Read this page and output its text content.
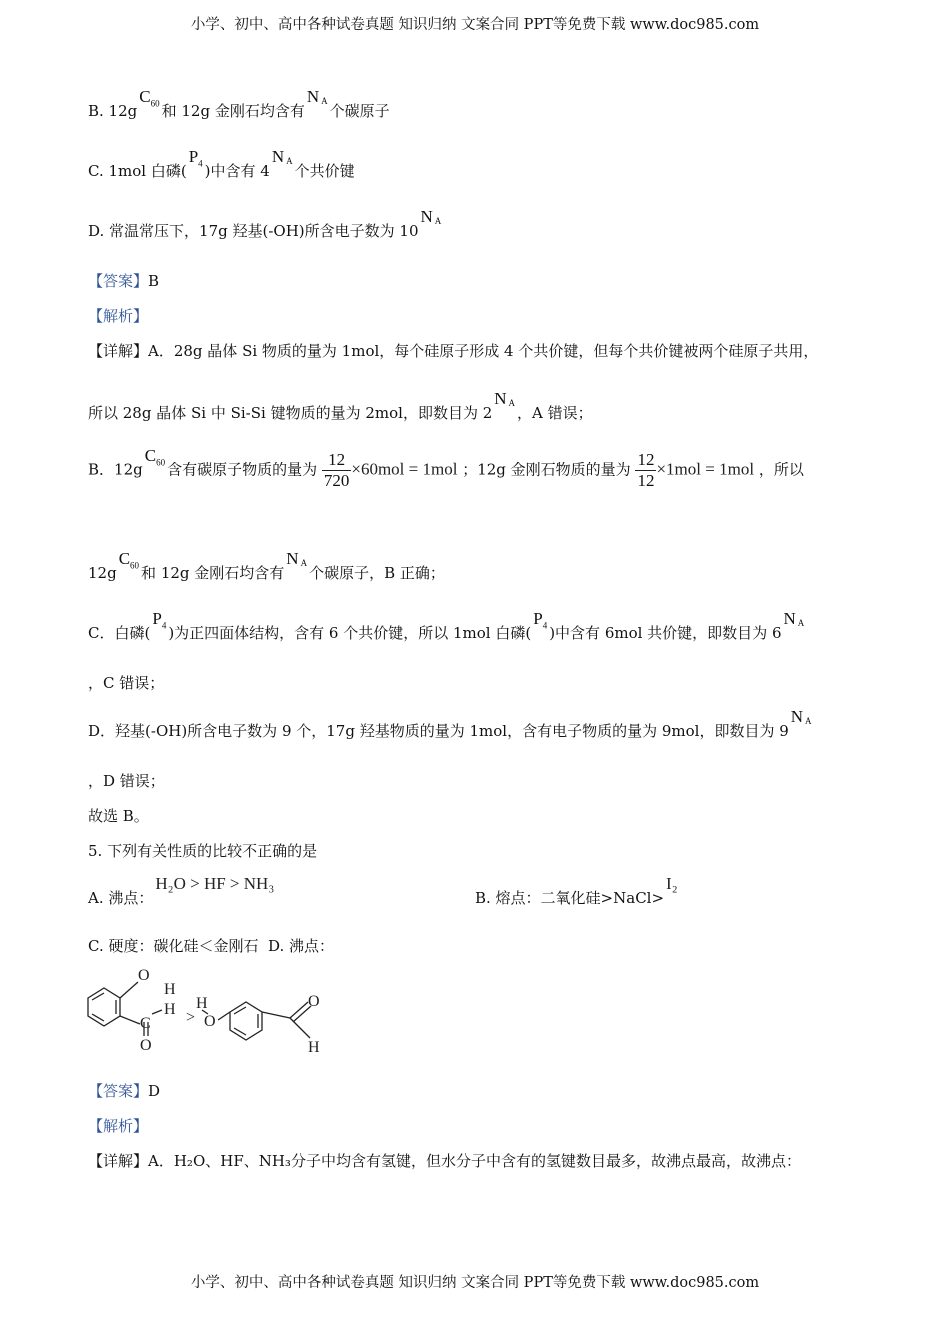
小学、初中、高中各种试卷真题 知识归纳 文案合同 PPT等免费下载 www.doc985.com
B. $12gC_{60}$ 和 12g 金刚石均含有N $_A$个碳原子
C. 1mol 白磷($P_4$ )中含有 4N $_A$个共价键
D. 常温常压下，17g 羟基(-OH)所含电子数为 10N $_A$
【答案】B
【解析】
【详解】A．28g 晶体 Si 物质的量为 1mol，每个硅原子形成 4 个共价键，但每个共价键被两个硅原子共用，
所以 28g 晶体 Si 中 Si-Si 键物质的量为 2mol，即数目为 2N $_A$，A 错误；
B．$12gC_{60}$ 含有碳原子物质的量为 $\frac{12}{720} \times 60mol = 1mol$ ；12g 金刚石物质的量为 $\frac{12}{12} \times 1mol = 1mol$ ，所以
$12gC_{60}$ 和 12g 金刚石均含有N $_A$个碳原子，B 正确；
C．白磷($P_4$ )为正四面体结构，含有 6 个共价键，所以 1mol 白磷($P_4$ )中含有 6mol 共价键，即数目为 6N $_A$
，C 错误；
D．羟基(-OH)所含电子数为 9 个，17g 羟基物质的量为 1mol，含有电子物质的量为 9mol，即数目为 9N $_A$
，D 错误；
故选 B。
5. 下列有关性质的比较不正确的是
A. 沸点：H₂O > HF > NH₃
B. 熔点：二氧化硅>NaCl>I₂
C. 硬度：碳化硅＜金刚石 D. 沸点：
O
H
C
H
O
>
H
O
O
H
【答案】D
【解析】
【详解】A．H₂O、HF、NH₃分子中均含有氢键，但水分子中含有的氢键数目最多，故沸点最高，故沸点：
小学、初中、高中各种试卷真题 知识归纳 文案合同 PPT等免费下载 www.doc985.com
